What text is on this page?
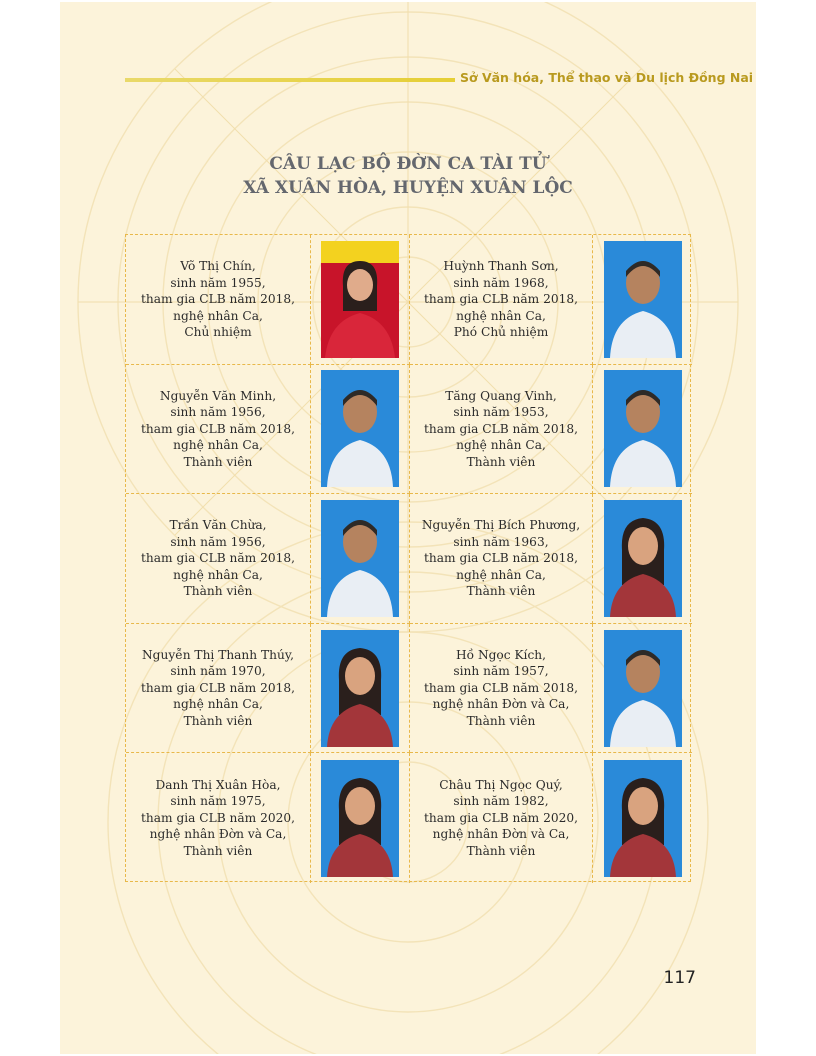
Sở Văn hóa, Thể thao và Du lịch Đồng Nai
CÂU LẠC BỘ ĐỜN CA TÀI TỬ
XÃ XUÂN HÒA, HUYỆN XUÂN LỘC
Võ Thị Chín,
sinh năm 1955,
tham gia CLB năm 2018,
nghệ nhân Ca,
Chủ nhiệm
Huỳnh Thanh Sơn,
sinh năm 1968,
tham gia CLB năm 2018,
nghệ nhân Ca,
Phó Chủ nhiệm
Nguyễn Văn Minh,
sinh năm 1956,
tham gia CLB năm 2018,
nghệ nhân Ca,
Thành viên
Tăng Quang Vinh,
sinh năm 1953,
tham gia CLB năm 2018,
nghệ nhân Ca,
Thành viên
Trần Văn Chừa,
sinh năm 1956,
tham gia CLB năm 2018,
nghệ nhân Ca,
Thành viên
Nguyễn Thị Bích Phương,
sinh năm 1963,
tham gia CLB năm 2018,
nghệ nhân Ca,
Thành viên
Nguyễn Thị Thanh Thúy,
sinh năm 1970,
tham gia CLB năm 2018,
nghệ nhân Ca,
Thành viên
Hồ Ngọc Kích,
sinh năm 1957,
tham gia CLB năm 2018,
nghệ nhân Đờn và Ca,
Thành viên
Danh Thị Xuân Hòa,
sinh năm 1975,
tham gia CLB năm 2020,
nghệ nhân Đờn và Ca,
Thành viên
Châu Thị Ngọc Quý,
sinh năm 1982,
tham gia CLB năm 2020,
nghệ nhân Đờn và Ca,
Thành viên
117
